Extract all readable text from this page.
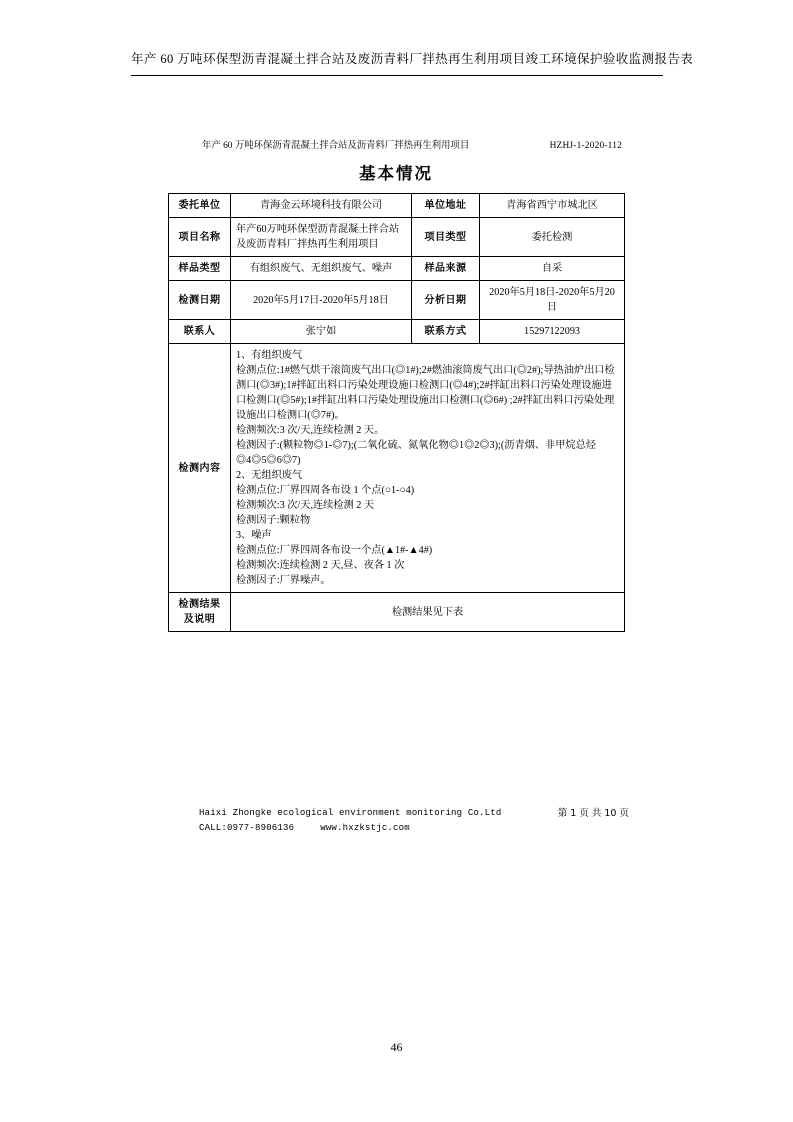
年产 60 万吨环保型沥青混凝土拌合站及废沥青料厂拌热再生利用项目竣工环境保护验收监测报告表
年产 60 万吨环保沥青混凝土拌合站及沥青料厂拌热再生利用项目	HZHJ-1-2020-112
基本情况
委托单位	青海金云环境科技有限公司	单位地址	青海省西宁市城北区
项目名称	年产60万吨环保型沥青混凝土拌合站及废沥青料厂拌热再生利用项目	项目类型	委托检测
样品类型	有组织废气、无组织废气、噪声	样品来源	自采
检测日期	2020年5月17日-2020年5月18日	分析日期	2020年5月18日-2020年5月20日
联系人	张宁如	联系方式	15297122093
检测内容	
1、有组织废气
检测点位:1#燃气烘干滚筒废气出口(◎1#);2#燃油滚筒废气出口(◎2#);导热油炉出口检测口(◎3#);1#拌缸出料口污染处理设施口检测口(◎4#);2#拌缸出料口污染处理设施进口检测口(◎5#);1#拌缸出料口污染处理设施出口检测口(◎6#) ;2#拌缸出料口污染处理设施出口检测口(◎7#)。
检测频次:3 次/天,连续检测 2 天。
检测因子:(颗粒物◎1-◎7);(二氧化硫、氮氧化物◎1◎2◎3);(沥青烟、非甲烷总烃◎4◎5◎6◎7)
2、无组织废气
检测点位:厂界四周各布设 1 个点(○1-○4)
检测频次:3 次/天,连续检测 2 天
检测因子:颗粒物
3、噪声
检测点位:厂界四周各布设一个点(▲1#-▲4#)
检测频次:连续检测 2 天,昼、夜各 1 次
检测因子:厂界噪声。

检测结果
及说明	检测结果见下表		
Haixi Zhongke ecological environment monitoring Co.Ltd	第 1 页 共 10 页
CALL:0977-8906136	www.hxzkstjc.com
46
